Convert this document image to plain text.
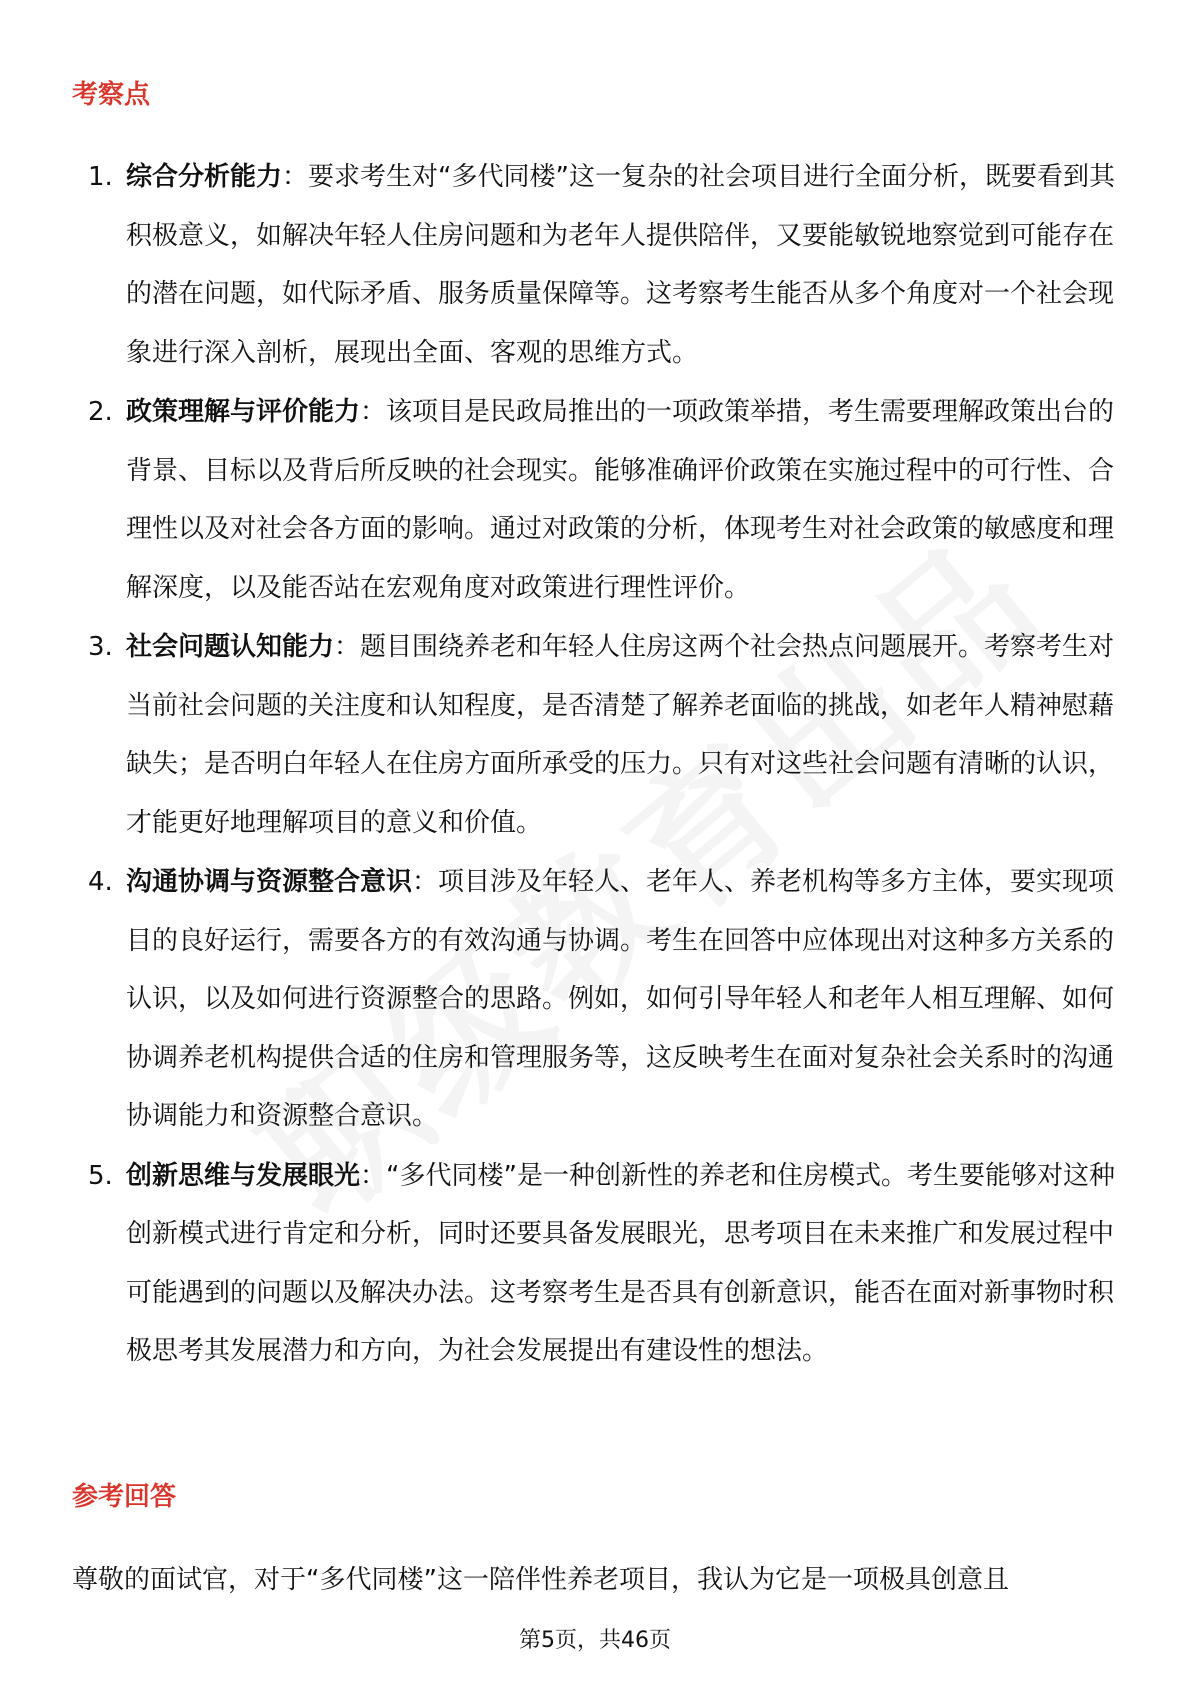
考察点
1. 综合分析能力：要求考生对“多代同楼”这一复杂的社会项目进行全面分析，既要看到其积极意义，如解决年轻人住房问题和为老年人提供陪伴，又要能敏锐地察觉到可能存在的潜在问题，如代际矛盾、服务质量保障等。这考察考生能否从多个角度对一个社会现象进行深入剖析，展现出全面、客观的思维方式。
2. 政策理解与评价能力：该项目是民政局推出的一项政策举措，考生需要理解政策出台的背景、目标以及背后所反映的社会现实。能够准确评价政策在实施过程中的可行性、合理性以及对社会各方面的影响。通过对政策的分析，体现考生对社会政策的敏感度和理解深度，以及能否站在宏观角度对政策进行理性评价。
3. 社会问题认知能力：题目围绕养老和年轻人住房这两个社会热点问题展开。考察考生对当前社会问题的关注度和认知程度，是否清楚了解养老面临的挑战，如老年人精神慰藉缺失；是否明白年轻人在住房方面所承受的压力。只有对这些社会问题有清晰的认识，才能更好地理解项目的意义和价值。
4. 沟通协调与资源整合意识：项目涉及年轻人、老年人、养老机构等多方主体，要实现项目的良好运行，需要各方的有效沟通与协调。考生在回答中应体现出对这种多方关系的认识，以及如何进行资源整合的思路。例如，如何引导年轻人和老年人相互理解、如何协调养老机构提供合适的住房和管理服务等，这反映考生在面对复杂社会关系时的沟通协调能力和资源整合意识。
5. 创新思维与发展眼光：“多代同楼”是一种创新性的养老和住房模式。考生要能够对这种创新模式进行肯定和分析，同时还要具备发展眼光，思考项目在未来推广和发展过程中可能遇到的问题以及解决办法。这考察考生是否具有创新意识，能否在面对新事物时积极思考其发展潜力和方向，为社会发展提出有建设性的想法。
参考回答

尊敬的面试官，对于“多代同楼”这一陪伴性养老项目，我认为它是一项极具创意且

第5页，共46页
